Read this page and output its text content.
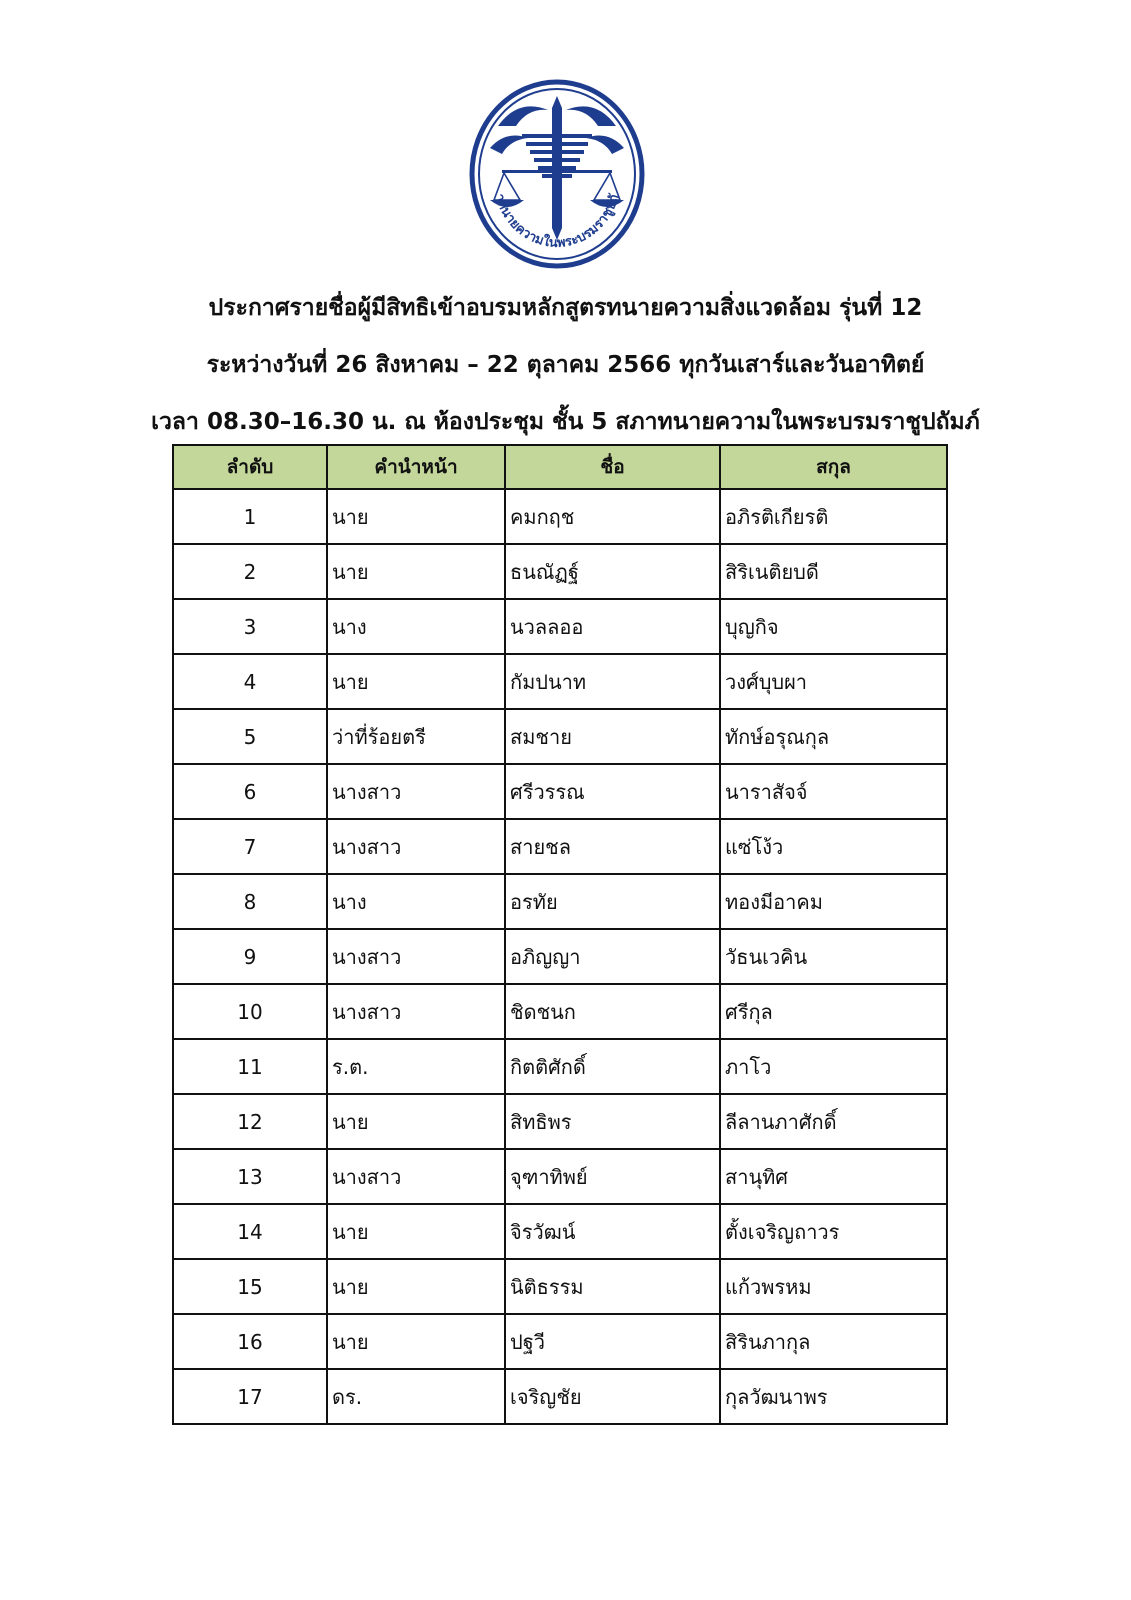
าทนายความในพระบรมราชูปถั
ประกาศรายชื่อผู้มีสิทธิเข้าอบรมหลักสูตรทนายความสิ่งแวดล้อม รุ่นที่ 12
ระหว่างวันที่ 26 สิงหาคม – 22 ตุลาคม 2566 ทุกวันเสาร์และวันอาทิตย์
เวลา 08.30–16.30 น. ณ ห้องประชุม ชั้น 5 สภาทนายความในพระบรมราชูปถัมภ์
ลำดับ	คำนำหน้า	ชื่อ	สกุล
1	นาย	คมกฤช	อภิรติเกียรติ
2	นาย	ธนณัฏฐ์	สิริเนติยบดี
3	นาง	นวลลออ	บุญกิจ
4	นาย	กัมปนาท	วงศ์บุบผา
5	ว่าที่ร้อยตรี	สมชาย	ทักษ์อรุณกุล
6	นางสาว	ศรีวรรณ	นาราสัจจ์
7	นางสาว	สายชล	แซ่โง้ว
8	นาง	อรทัย	ทองมีอาคม
9	นางสาว	อภิญญา	วัธนเวคิน
10	นางสาว	ชิดชนก	ศรีกุล
11	ร.ต.	กิตติศักดิ์	ภาโว
12	นาย	สิทธิพร	ลีลานภาศักดิ์
13	นางสาว	จุฑาทิพย์	สานุทิศ
14	นาย	จิรวัฒน์	ตั้งเจริญถาวร
15	นาย	นิติธรรม	แก้วพรหม
16	นาย	ปฐวี	สิรินภากุล
17	ดร.	เจริญชัย	กุลวัฒนาพร
